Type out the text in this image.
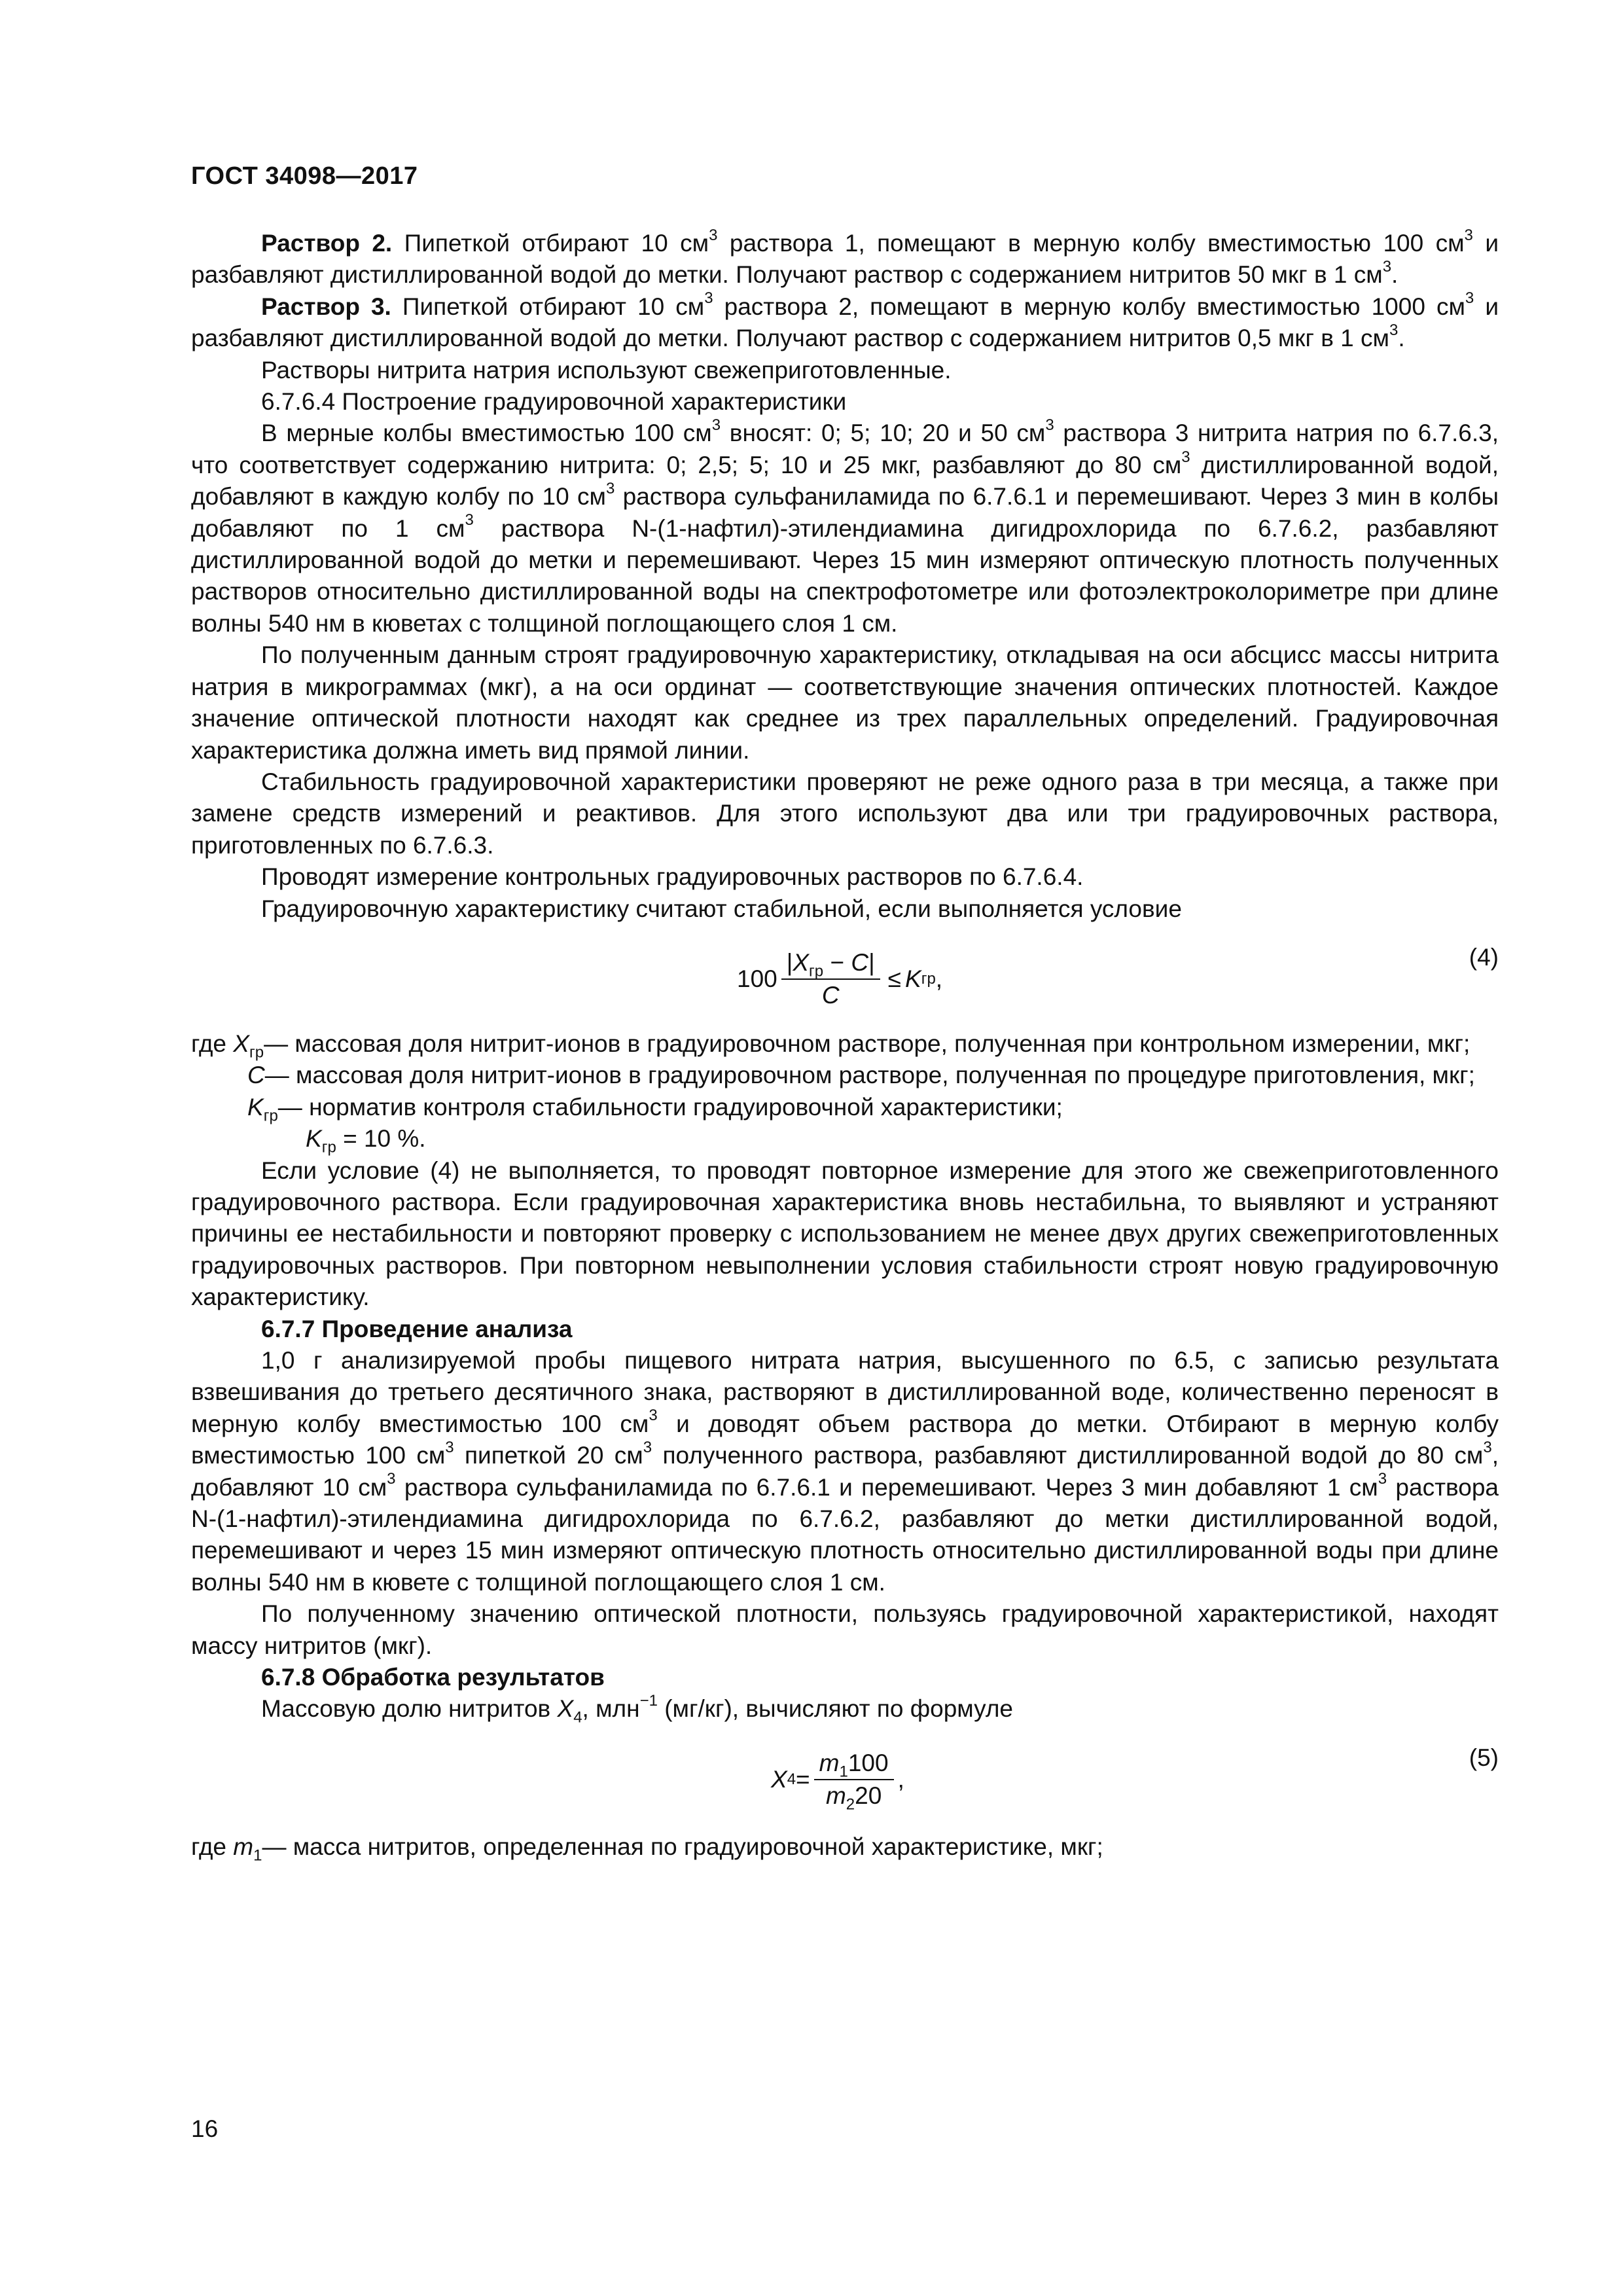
ГОСТ 34098—2017

Раствор 2. Пипеткой отбирают 10 $см^3$ раствора 1, помещают в мерную колбу вместимостью 100 $см^3$ и разбавляют дистиллированной водой до метки. Получают раствор с содержанием нитритов 50 мкг в 1 $см^3$.

Раствор 3. Пипеткой отбирают 10 $см^3$ раствора 2, помещают в мерную колбу вместимостью 1000 $см^3$ и разбавляют дистиллированной водой до метки. Получают раствор с содержанием нитритов 0,5 мкг в 1 $см^3$.

Растворы нитрита натрия используют свежеприготовленные.

6.7.6.4 Построение градуировочной характеристики

В мерные колбы вместимостью 100 $см^3$ вносят: 0; 5; 10; 20 и 50 $см^3$ раствора 3 нитрита натрия по 6.7.6.3, что соответствует содержанию нитрита: 0; 2,5; 5; 10 и 25 мкг, разбавляют до 80 $см^3$ дистиллированной водой, добавляют в каждую колбу по 10 $см^3$ раствора сульфаниламида по 6.7.6.1 и перемешивают. Через 3 мин в колбы добавляют по 1 $см^3$ раствора N-(1-нафтил)-этилендиамина дигидрохлорида по 6.7.6.2, разбавляют дистиллированной водой до метки и перемешивают. Через 15 мин измеряют оптическую плотность полученных растворов относительно дистиллированной воды на спектрофотометре или фотоэлектроколориметре при длине волны 540 нм в кюветах с толщиной поглощающего слоя 1 см.

По полученным данным строят градуировочную характеристику, откладывая на оси абсцисс массы нитрита натрия в микрограммах (мкг), а на оси ординат — соответствующие значения оптических плотностей. Каждое значение оптической плотности находят как среднее из трех параллельных определений. Градуировочная характеристика должна иметь вид прямой линии.

Стабильность градуировочной характеристики проверяют не реже одного раза в три месяца, а также при замене средств измерений и реактивов. Для этого используют два или три градуировочных раствора, приготовленных по 6.7.6.3.

Проводят измерение контрольных градуировочных растворов по 6.7.6.4.

Градуировочную характеристику считают стабильной, если выполняется условие

$100 \frac{|X_{гр} - C|}{C} \le K$ гр ,
(4)
где $X_{гр}$ — массовая доля нитрит-ионов в градуировочном растворе, полученная при контрольном измерении, мкг;
C — массовая доля нитрит-ионов в градуировочном растворе, полученная по процедуре приготовления, мкг;
$K_{гр}$ — норматив контроля стабильности градуировочной характеристики;
$K_{гр} = 10$ %.

Если условие (4) не выполняется, то проводят повторное измерение для этого же свежеприготовленного градуировочного раствора. Если градуировочная характеристика вновь нестабильна, то выявляют и устраняют причины ее нестабильности и повторяют проверку с использованием не менее двух других свежеприготовленных градуировочных растворов. При повторном невыполнении условия стабильности строят новую градуировочную характеристику.

6.7.7 Проведение анализа

1,0 г анализируемой пробы пищевого нитрата натрия, высушенного по 6.5, с записью результата взвешивания до третьего десятичного знака, растворяют в дистиллированной воде, количественно переносят в мерную колбу вместимостью 100 $см^3$ и доводят объем раствора до метки. Отбирают в мерную колбу вместимостью 100 $см^3$ пипеткой 20 $см^3$ полученного раствора, разбавляют дистиллированной водой до 80 $см^3$, добавляют 10 $см^3$ раствора сульфаниламида по 6.7.6.1 и перемешивают. Через 3 мин добавляют 1 $см^3$ раствора N-(1-нафтил)-этилендиамина дигидрохлорида по 6.7.6.2, разбавляют до метки дистиллированной водой, перемешивают и через 15 мин измеряют оптическую плотность относительно дистиллированной воды при длине волны 540 нм в кювете с толщиной поглощающего слоя 1 см.

По полученному значению оптической плотности, пользуясь градуировочной характеристикой, находят массу нитритов (мкг).

6.7.8 Обработка результатов

Массовую долю нитритов $X_4$, млн$^{-1}$ (мг/кг), вычисляют по формуле

X $4 = \frac{m_1100}{m_220}$ ,
(5)
где $m_1$ — масса нитритов, определенная по градуировочной характеристике, мкг;
16
